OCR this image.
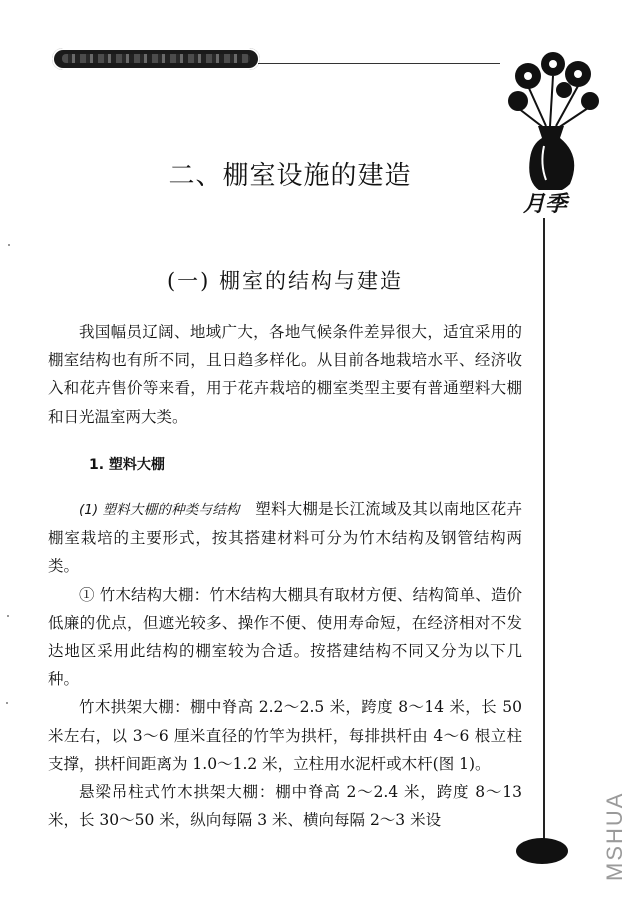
月季
MSHUA
二、棚室设施的建造
(一) 棚室的结构与建造

我国幅员辽阔、地域广大，各地气候条件差异很大，适宜采用的棚室结构也有所不同，且日趋多样化。从目前各地栽培水平、经济收入和花卉售价等来看，用于花卉栽培的棚室类型主要有普通塑料大棚和日光温室两大类。

1. 塑料大棚

(1) 塑料大棚的种类与结构　 塑料大棚是长江流域及其以南地区花卉棚室栽培的主要形式，按其搭建材料可分为竹木结构及钢管结构两类。

① 竹木结构大棚：竹木结构大棚具有取材方便、结构简单、造价低廉的优点，但遮光较多、操作不便、使用寿命短，在经济相对不发达地区采用此结构的棚室较为合适。按搭建结构不同又分为以下几种。

竹木拱架大棚：棚中脊高 2.2～2.5 米，跨度 8～14 米，长 50 米左右，以 3～6 厘米直径的竹竿为拱杆，每排拱杆由 4～6 根立柱支撑，拱杆间距离为 1.0～1.2 米，立柱用水泥杆或木杆(图 1)。

悬梁吊柱式竹木拱架大棚：棚中脊高 2～2.4 米，跨度 8～13 米，长 30～50 米，纵向每隔 3 米、横向每隔 2～3 米设
